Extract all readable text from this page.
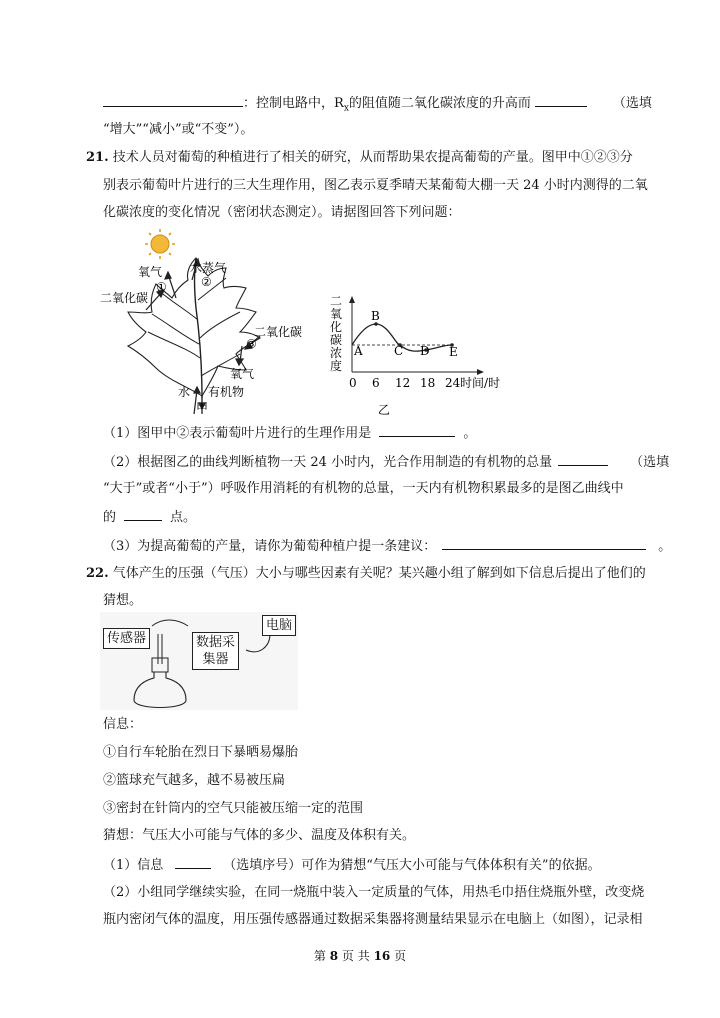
：控制电路中，$R_x$的阻值随二氧化碳浓度的升高而	（选填
“增大”“减小”或“不变”）。
21. 技术人员对葡萄的种植进行了相关的研究，从而帮助果农提高葡萄的产量。图甲中①②③分
别表示葡萄叶片进行的三大生理作用，图乙表示夏季晴天某葡萄大棚一天 24 小时内测得的二氧
化碳浓度的变化情况（密闭状态测定）。请据图回答下列问题：
氧气
①
水蒸气
②
二氧化碳
二氧化碳
③
氧气
水 有机物
甲
二
氧
化
碳
浓
度
A
B
C D E
0 6 12 18 24 时间/时
乙
（1）图甲中②表示葡萄叶片进行的生理作用是	。
（2）根据图乙的曲线判断植物一天 24 小时内，光合作用制造的有机物的总量	（选填
“大于”或者“小于”）呼吸作用消耗的有机物的总量，一天内有机物积累最多的是图乙曲线中
的	点。
（3）为提高葡萄的产量，请你为葡萄种植户提一条建议：	。
22. 气体产生的压强（气压）大小与哪些因素有关呢？某兴趣小组了解到如下信息后提出了他们的
猜想。
传感器	数据采
集器
电脑
信息：
①自行车轮胎在烈日下暴晒易爆胎
②篮球充气越多，越不易被压扁
③密封在针筒内的空气只能被压缩一定的范围
猜想：气压大小可能与气体的多少、温度及体积有关。
（1）信息	（选填序号）可作为猜想“气压大小可能与气体体积有关”的依据。
（2）小组同学继续实验，在同一烧瓶中装入一定质量的气体，用热毛巾捂住烧瓶外壁，改变烧
瓶内密闭气体的温度，用压强传感器通过数据采集器将测量结果显示在电脑上（如图），记录相
第 8 页 共 16 页
